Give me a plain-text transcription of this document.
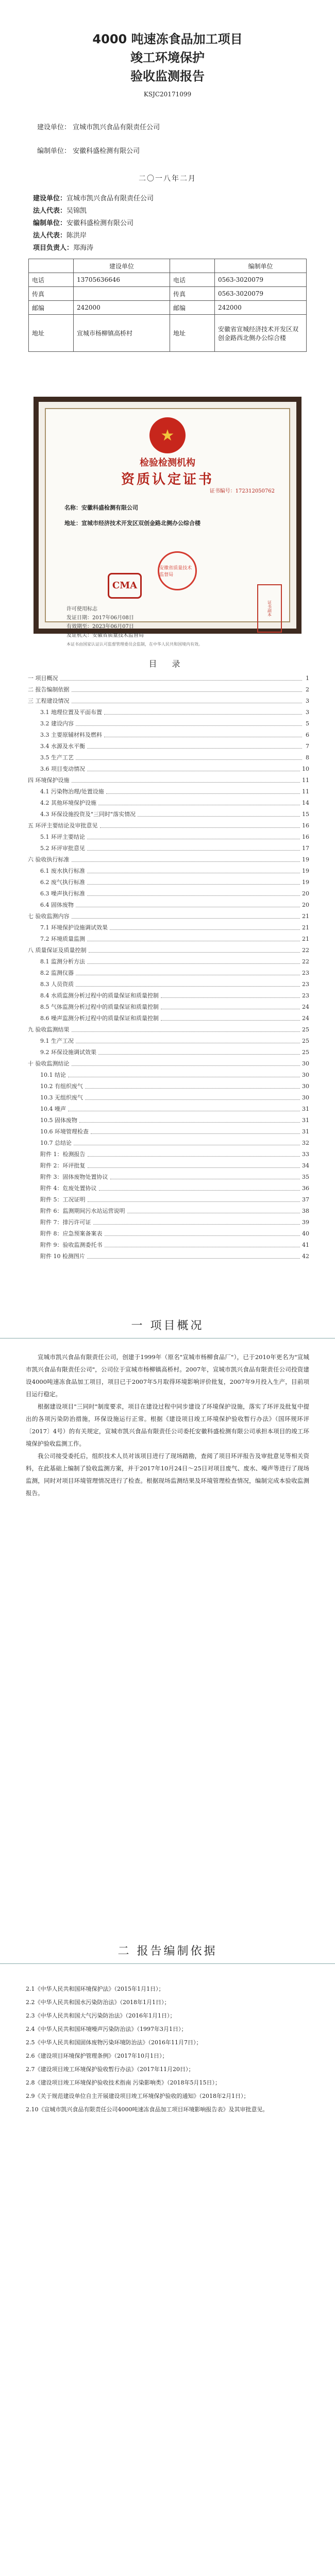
4000 吨速冻食品加工项目
竣工环境保护
验收监测报告
KSJC20171099
建设单位： 宣城市凯兴食品有限责任公司
编制单位： 安徽科盛检测有限公司
二〇一八年二月
建设单位：宣城市凯兴食品有限责任公司
法人代表：吴锦凯
编制单位：安徽科盛检测有限公司
法人代表：陈洪岸
项目负责人：郑海涛
	建设单位		编制单位
电话	13705636646	电话	0563-3020079
传真		传真	0563-3020079
邮编	242000	邮编	242000
地址	宣城市杨柳镇高桥村	地址	安徽省宣城经济技术开发区双创金路西北侧办公综合楼
★
检验检测机构
资质认定证书
证书编号：172312050762
名称：安徽科盛检测有限公司
地址：宣城市经济技术开发区双创金路北侧办公综合楼
安徽省质量技术监督局
CMA
许可使用标志
发证日期：2017年06月08日
有效期至：2023年06月07日
发证机关：安徽省质量技术监督局
本证书由国家认证认可监督管理委员会监制，在中华人民共和国境内有效。
证书副本
目 录
一 项目概况	1
二 报告编制依据	2
三 工程建设情况	3
3.1 地理位置及平面布置	3
3.2 建设内容	5
3.3 主要原辅材料及燃料	6
3.4 水源及水平衡	7
3.5 生产工艺	8
3.6 项目变动情况	10
四 环境保护设施	11
4.1 污染物治理/处置设施	11
4.2 其他环境保护设施	14
4.3 环保设施投资及"三同时"落实情况	15
五 环评主要结论及审批意见	16
5.1 环评主要结论	16
5.2 环评审批意见	17
六 验收执行标准	19
6.1 废水执行标准	19
6.2 废气执行标准	19
6.3 噪声执行标准	20
6.4 固体废物	20
七 验收监测内容	21
7.1 环境保护设施调试效果	21
7.2 环境质量监测	21
八 质量保证及质量控制	22
8.1 监测分析方法	22
8.2 监测仪器	23
8.3 人员资质	23
8.4 水质监测分析过程中的质量保证和质量控制	23
8.5 气体监测分析过程中的质量保证和质量控制	24
8.6 噪声监测分析过程中的质量保证和质量控制	24
九 验收监测结果	25
9.1 生产工况	25
9.2 环保设施调试效果	25
十 验收监测结论	30
10.1 结论	30
10.2 有组织废气	30
10.3 无组织废气	30
10.4 噪声	31
10.5 固体废物	31
10.6 环境管理检查	31
10.7 总结论	32
附件 1：检测报告	33
附件 2：环评批复	34
附件 3：固体废物处置协议	35
附件 4：危废处置协议	36
附件 5：工况证明	37
附件 6：监测期间污水站运营说明	38
附件 7：排污许可证	39
附件 8：应急预案备案表	40
附件 9：验收监测委托书	41
附件 10 检测图片	42
一 项目概况

宣城市凯兴食品有限责任公司，创建于1999年（原名"宣城市杨柳食品厂"），已于2010年更名为"宣城市凯兴食品有限责任公司"，公司位于宣城市杨柳镇高桥村。2007年，宣城市凯兴食品有限责任公司投资建设4000吨速冻食品加工项目，项目已于2007年5月取得环境影响评价批复，2007年9月投入生产，目前项目运行稳定。

根据建设项目"三同时"制度要求，项目在建设过程中同步建设了环境保护设施，落实了环评及批复中提出的各项污染防治措施，环保设施运行正常。根据《建设项目竣工环境保护验收暂行办法》（国环规环评〔2017〕4号）的有关规定，宣城市凯兴食品有限责任公司委托安徽科盛检测有限公司承担本项目的竣工环境保护验收监测工作。

我公司接受委托后，组织技术人员对该项目进行了现场踏勘，查阅了项目环评报告及审批意见等相关资料，在此基础上编制了验收监测方案，并于2017年10月24日～25日对项目废气、废水、噪声等进行了现场监测，同时对项目环境管理情况进行了检查。根据现场监测结果及环境管理检查情况，编制完成本验收监测报告。

二 报告编制依据

2.1《中华人民共和国环境保护法》（2015年1月1日）；

2.2《中华人民共和国水污染防治法》（2018年1月1日）；

2.3《中华人民共和国大气污染防治法》（2016年1月1日）；

2.4《中华人民共和国环境噪声污染防治法》（1997年3月1日）；

2.5《中华人民共和国固体废物污染环境防治法》（2016年11月7日）；

2.6《建设项目环境保护管理条例》（2017年10月1日）；

2.7《建设项目竣工环境保护验收暂行办法》（2017年11月20日）；

2.8《建设项目竣工环境保护验收技术指南 污染影响类》（2018年5月15日）；

2.9《关于规范建设单位自主开展建设项目竣工环境保护验收的通知》（2018年2月1日）；

2.10《宣城市凯兴食品有限责任公司4000吨速冻食品加工项目环境影响报告表》及其审批意见。
